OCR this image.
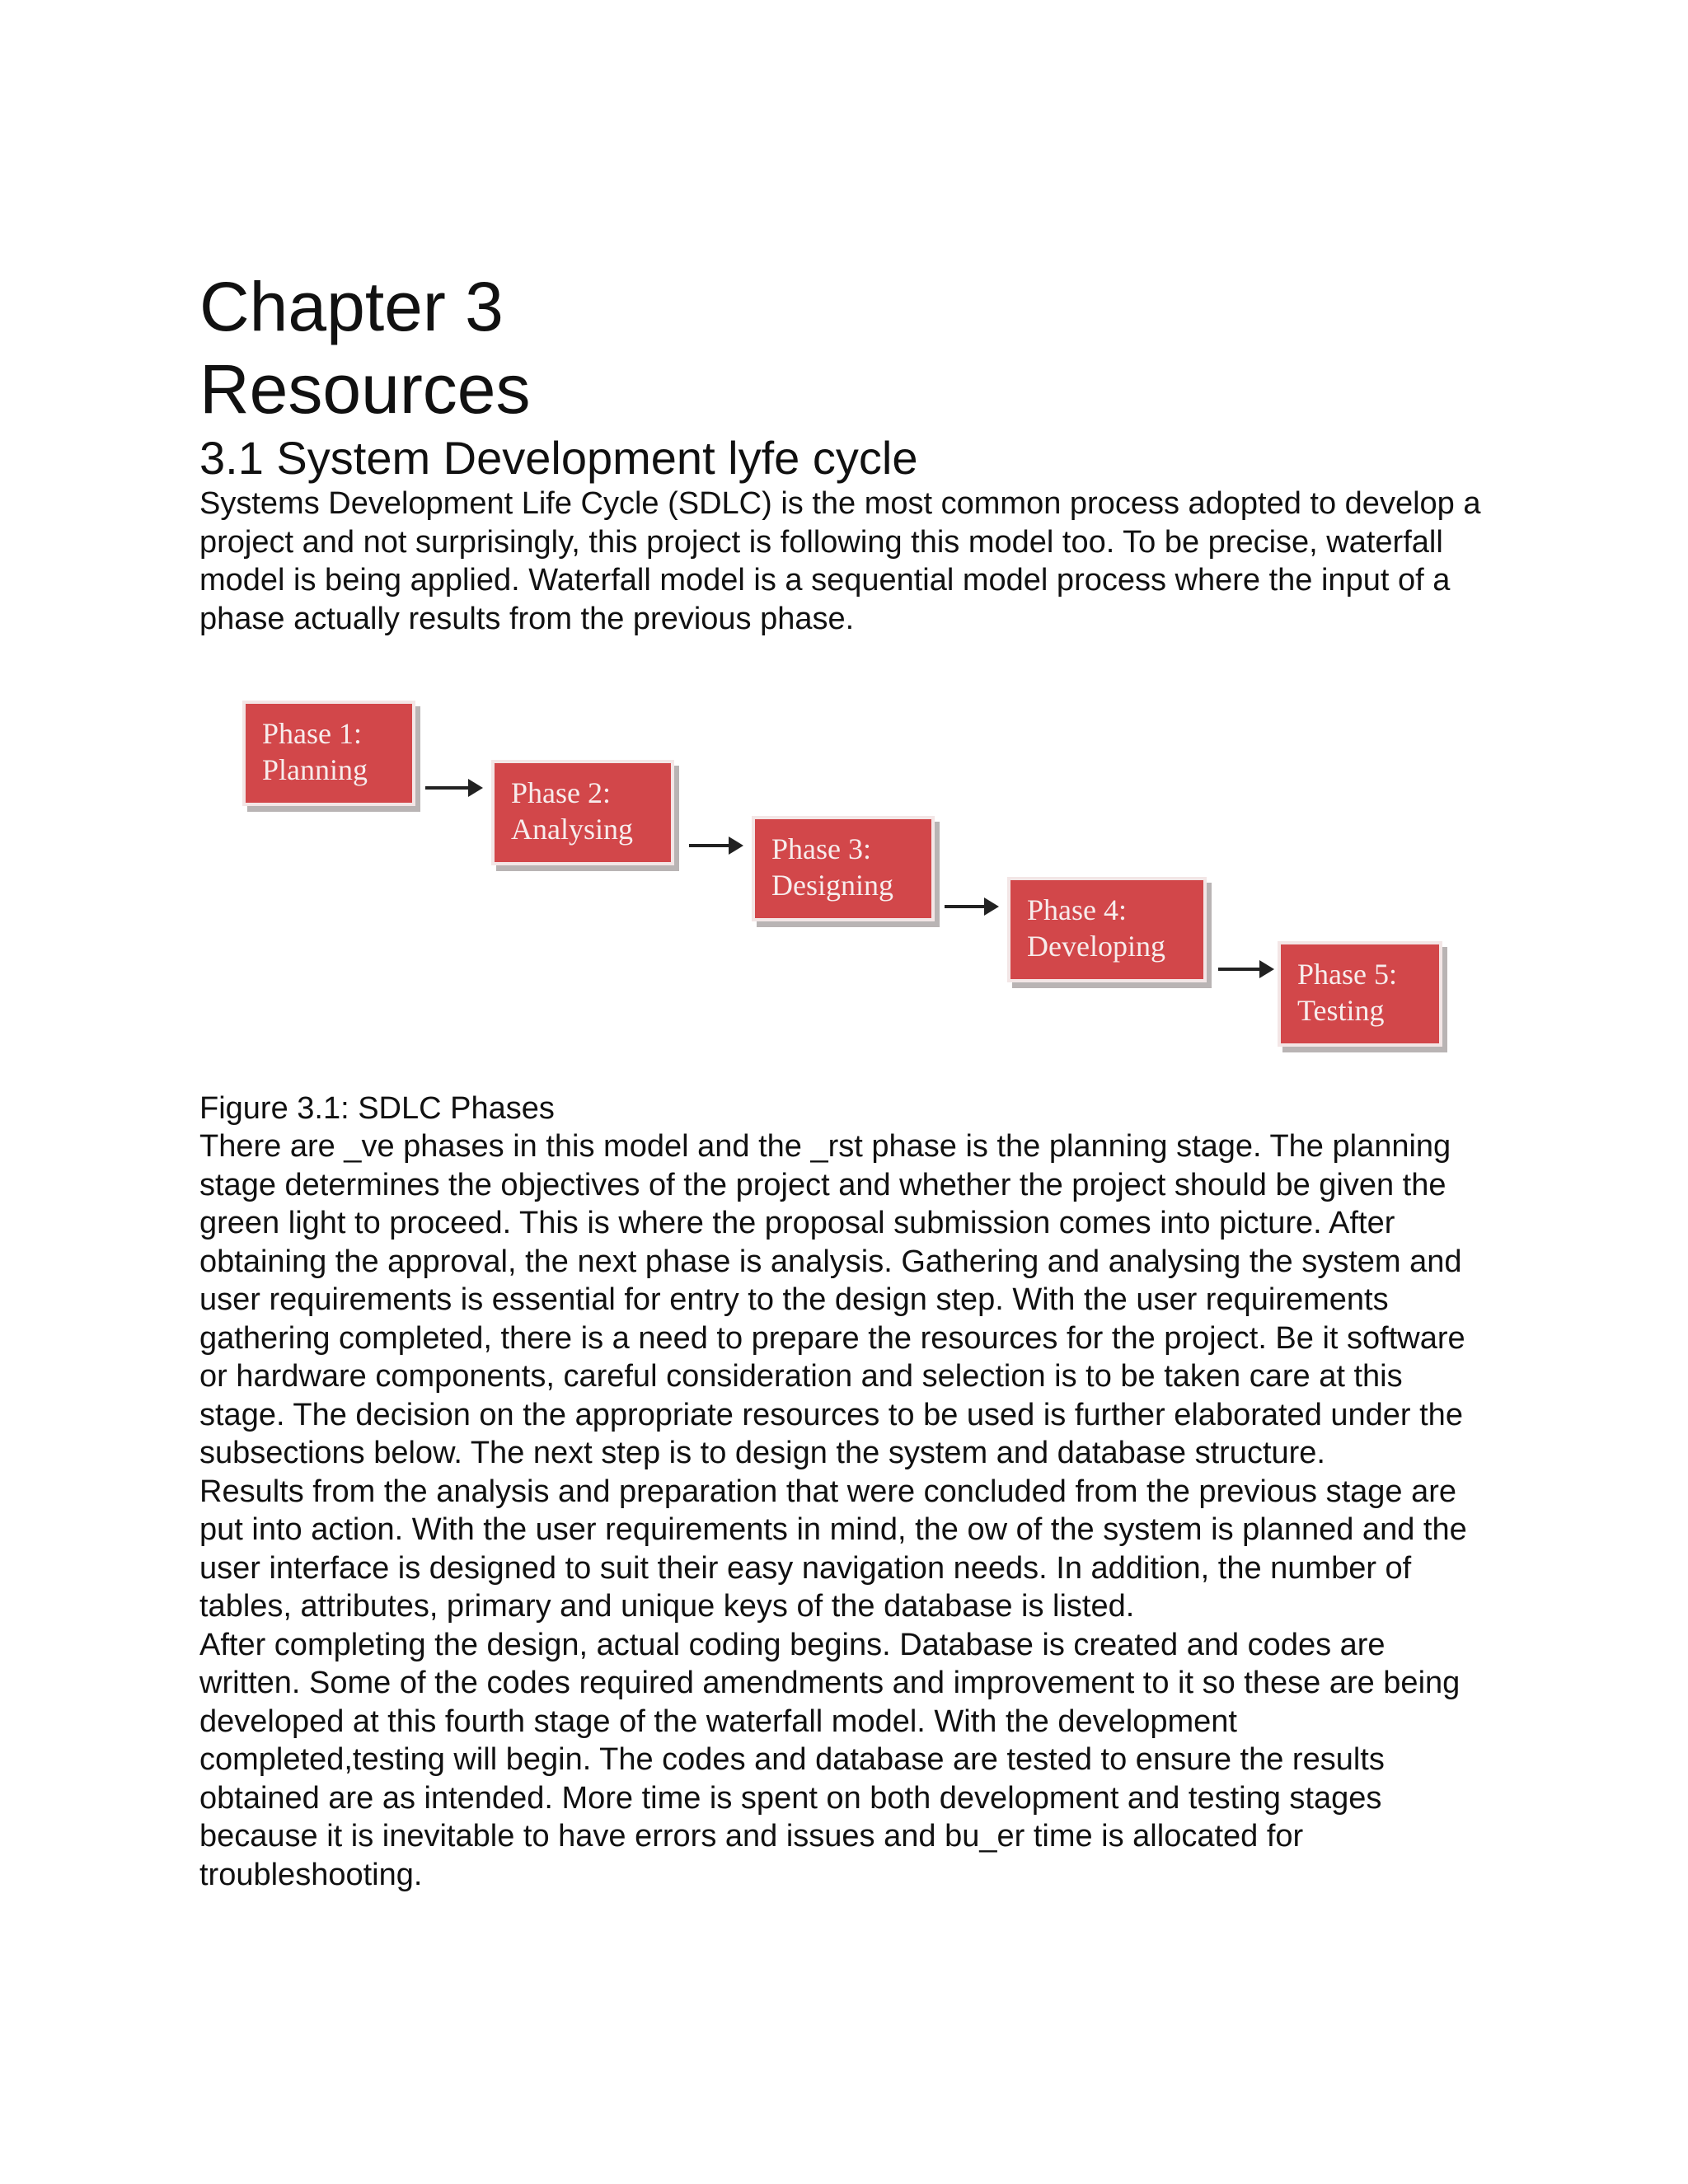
Chapter 3
Resources
3.1 System Development lyfe cycle

Systems Development Life Cycle (SDLC) is the most common process adopted to develop a project and not surprisingly, this project is following this model too. To be precise, waterfall model is being applied. Waterfall model is a sequential model process where the input of a phase actually results from the previous phase.

Phase 1:
Planning
Phase 2:
Analysing
Phase 3:
Designing
Phase 4:
Developing
Phase 5:
Testing

Figure 3.1: SDLC Phases

There are _ve phases in this model and the _rst phase is the planning stage. The planning stage determines the objectives of the project and whether the project should be given the green light to proceed. This is where the proposal submission comes into picture. After obtaining the approval, the next phase is analysis. Gathering and analysing the system and user requirements is essential for entry to the design step. With the user requirements gathering completed, there is a need to prepare the resources for the project. Be it software or hardware components, careful consideration and selection is to be taken care at this stage. The decision on the appropriate resources to be used is further elaborated under the subsections below. The next step is to design the system and database structure.

Results from the analysis and preparation that were concluded from the previous stage are put into action. With the user requirements in mind, the ow of the system is planned and the user interface is designed to suit their easy navigation needs. In addition, the number of tables, attributes, primary and unique keys of the database is listed.

After completing the design, actual coding begins. Database is created and codes are written. Some of the codes required amendments and improvement to it so these are being developed at this fourth stage of the waterfall model. With the development completed,testing will begin. The codes and database are tested to ensure the results obtained are as intended. More time is spent on both development and testing stages because it is inevitable to have errors and issues and bu_er time is allocated for troubleshooting.
